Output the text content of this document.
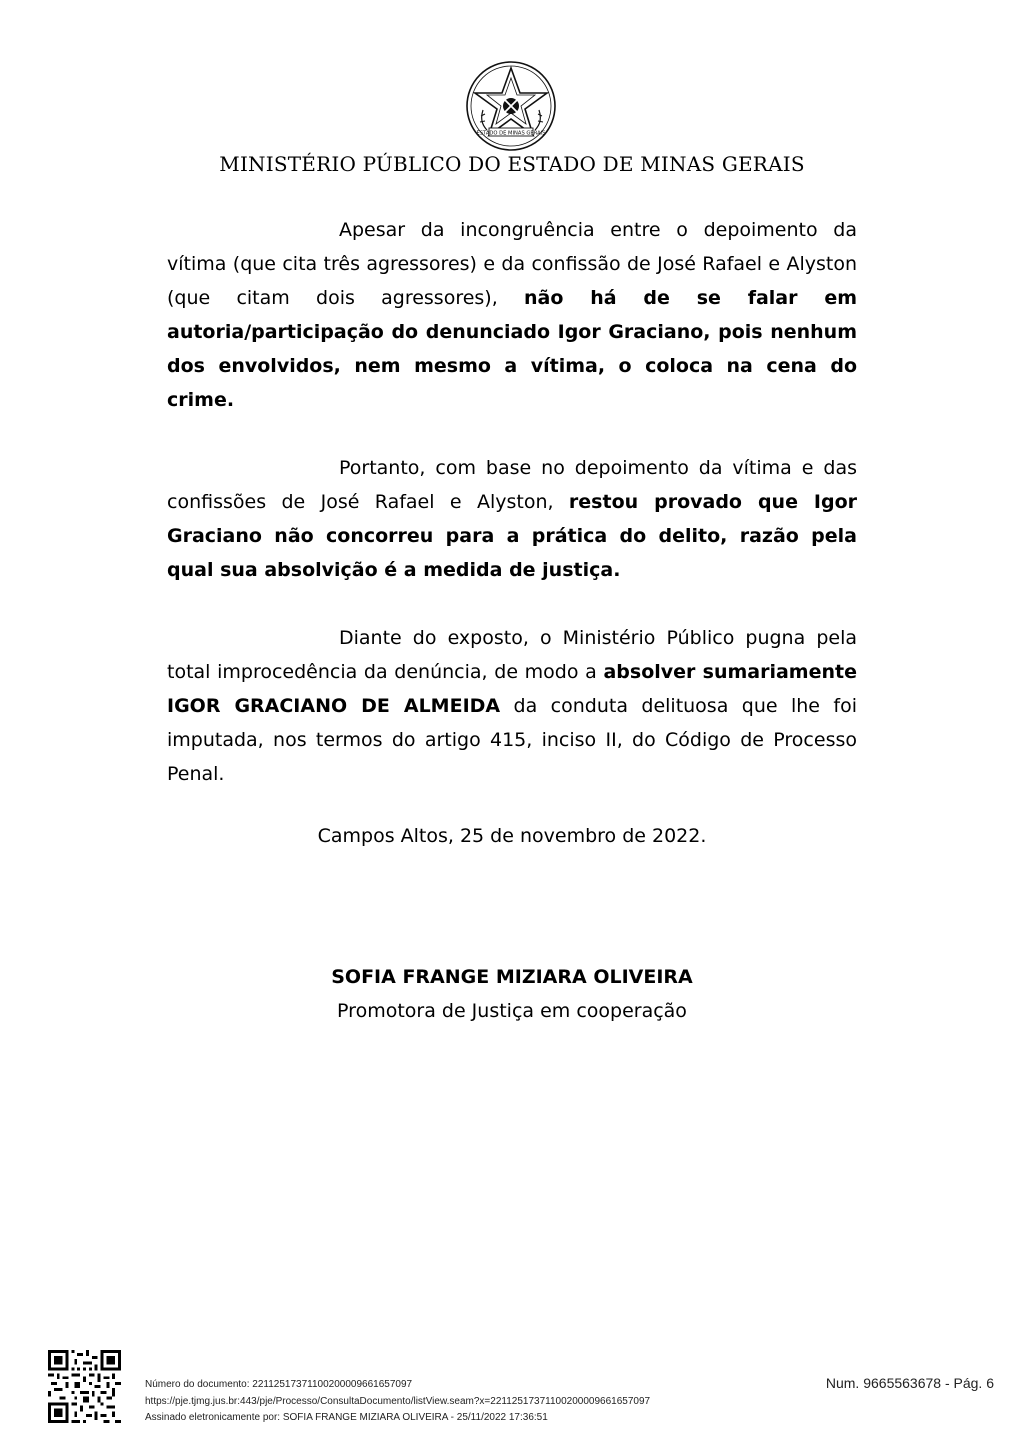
ESTADO DE MINAS GERAIS
MINISTÉRIO PÚBLICO DO ESTADO DE MINAS GERAIS

Apesar da incongruência entre o depoimento da vítima (que cita três agressores) e da confissão de José Rafael e Alyston (que citam dois agressores), não há de se falar em autoria/participação do denunciado Igor Graciano, pois nenhum dos envolvidos, nem mesmo a vítima, o coloca na cena do crime.

Portanto, com base no depoimento da vítima e das confissões de José Rafael e Alyston, restou provado que Igor Graciano não concorreu para a prática do delito, razão pela qual sua absolvição é a medida de justiça.

Diante do exposto, o Ministério Público pugna pela total improcedência da denúncia, de modo a absolver sumariamente IGOR GRACIANO DE ALMEIDA da conduta delituosa que lhe foi imputada, nos termos do artigo 415, inciso II, do Código de Processo Penal.

Campos Altos, 25 de novembro de 2022.
SOFIA FRANGE MIZIARA OLIVEIRA
Promotora de Justiça em cooperação
Número do documento: 22112517371100200009661657097
https://pje.tjmg.jus.br:443/pje/Processo/ConsultaDocumento/listView.seam?x=22112517371100200009661657097
Assinado eletronicamente por: SOFIA FRANGE MIZIARA OLIVEIRA - 25/11/2022 17:36:51
Num. 9665563678 - Pág. 6
